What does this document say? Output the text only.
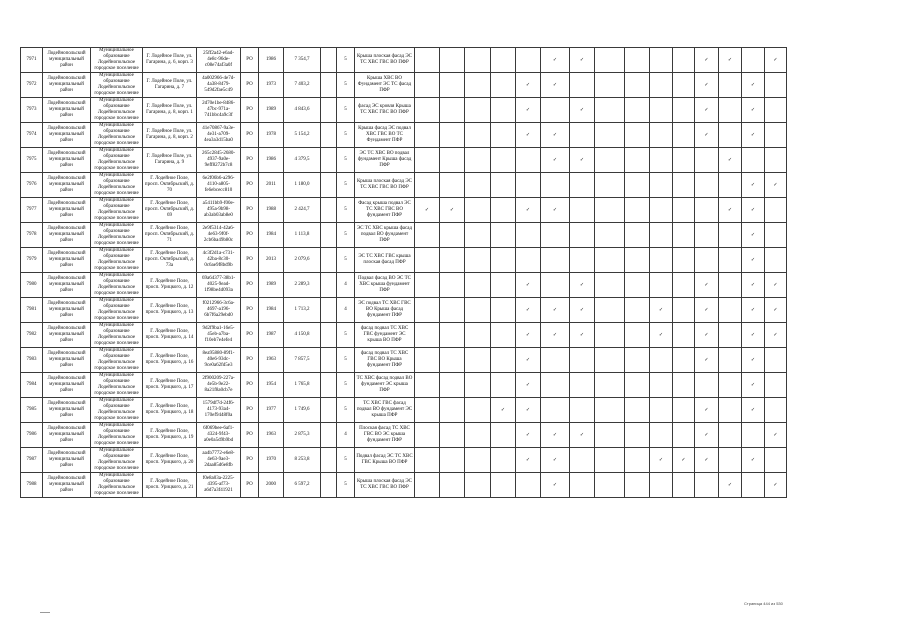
7971	Лодейнопольский муниципальный район	Муниципальное образование Лодейнопольское городское поселение	Г. Лодейное Поле, ул. Гагарина, д. 6, корп. 3	25ff2a42-e6ad-4e8c-96de-c08e74af3a0f	РО	1986	7 354,7		5	Крыша плоская фасад ЭС ТС ХВС ГВС ВО ПФР						✓	✓					✓	✓		✓
7972	Лодейнопольский муниципальный район	Муниципальное образование Лодейнопольское городское поселение	Г. Лодейное Поле, ул. Гагарина, д. 7	4a002966-4e7d-4a38-8479-549d2fae5c49	РО	1973	7 403,2		5	Крыша ХВС ВО Фундамент ЭС ТС фасад ПФР					✓	✓						✓		✓	
7973	Лодейнопольский муниципальный район	Муниципальное образование Лодейнопольское городское поселение	Г. Лодейное Поле, ул. Гагарина, д. 8, корп. 1	2d70e1be-8486-47bc-971a-741bbc4a9c3f	РО	1989	4 843,6		5	фасад ЭС кровля Крыша ТС ХВС ГВС ВО ПФР					✓		✓					✓		✓	
7974	Лодейнопольский муниципальный район	Муниципальное образование Лодейнопольское городское поселение	Г. Лодейное Поле, ул. Гагарина, д. 8, корп. 2	41e70867-9a3e-4e31-a709-4ea3a3d15ba0	РО	1978	5 154,2		5	Крыша фасад ЭС подвал ХВС ГВС ВО ТС Фундамент ПФР					✓	✓						✓		✓	
7975	Лодейнопольский муниципальный район	Муниципальное образование Лодейнопольское городское поселение	Г. Лодейное Поле, ул. Гагарина, д. 9	265c2845-2680-4937-9a0e-9eff8272b7c8	РО	1986	4 379,5		5	ЭС ТС ХВС ВО подвал фундамент Крыша фасад ПФР						✓	✓						✓		
7976	Лодейнопольский муниципальный район	Муниципальное образование Лодейнопольское городское поселение	Г. Лодейное Поле, просп. Октябрьский, д. 70	6e2f06b6-a296-4110-a805-fe6ebcecc810	РО	2011	1 180,0		5	Крыша плоская фасад ЭС ТС ХВС ГВС ВО ПФР														✓	✓
7977	Лодейнопольский муниципальный район	Муниципальное образование Лодейнопольское городское поселение	Г. Лодейное Поле, просп. Октябрьский, д. 69	a5411bb9-f00e-495a-9b98-ab3ab03ab8e0	РО	1988	2 424,7		5	Фасад крыша подвал ЭС ТС ХВС ГВС ВО фундамент ПФР	✓	✓			✓	✓							✓	✓	
7978	Лодейнопольский муниципальный район	Муниципальное образование Лодейнопольское городское поселение	Г. Лодейное Поле, просп. Октябрьский, д. 71	2e9f5314-42a6-4e63-9f0f-2cb6ba49b80c	РО	1984	1 113,8		5	ЭС ТС ХВС крыша фасад подвал ВО фундамент ПФР														✓	
7979	Лодейнопольский муниципальный район	Муниципальное образование Лодейнопольское городское поселение	Г. Лодейное Поле, просп. Октябрьский, д. 73а	4c3f2d1a-c731-42ba-8c30-0c6ae9f8bd9b	РО	2013	2 079,6		5	ЭС ТС ХВС ГВС крыша плоская фасад ПФР														✓	
7980	Лодейнопольский муниципальный район	Муниципальное образование Лодейнопольское городское поселение	Г. Лодейное Поле, просп. Урицкого, д. 12	69a64377-38b1-4025-9ead-1f98be4d093a	РО	1989	2 289,3		4	Подвал фасад ВО ЭС ТС ХВС крыша фундамент ПФР					✓		✓					✓		✓	✓
7981	Лодейнопольский муниципальный район	Муниципальное образование Лодейнопольское городское поселение	Г. Лодейное Поле, просп. Урицкого, д. 13	f0212966-3c6a-4697-a196-6b7f6a29ebd0	РО	1984	1 713,2		4	ЭС подвал ТС ХВС ГВС ВО Крыша фасад фундамент ПФР					✓	✓	✓			✓		✓		✓	✓
7982	Лодейнопольский муниципальный район	Муниципальное образование Лодейнопольское городское поселение	Г. Лодейное Поле, просп. Урицкого, д. 14	9d2f9ba1-16e5-45eb-a7ba-f10eb7e4efe4	РО	1987	4 150,8		5	фасад подвал ТС ХВС ГВС фундамент ЭС крыша ВО ПФР					✓	✓	✓			✓		✓		✓	✓
7983	Лодейнопольский муниципальный район	Муниципальное образование Лодейнопольское городское поселение	Г. Лодейное Поле, просп. Урицкого, д. 16	8ea95880-89f1-40e6-93dc-9ce0a62fd5e3	РО	1963	7 857,5		5	фасад подвал ТС ХВС ГВС ВО Крыша фундамент ПФР					✓							✓		✓	
7984	Лодейнопольский муниципальный район	Муниципальное образование Лодейнопольское городское поселение	Г. Лодейное Поле, просп. Урицкого, д. 17	2f900209-227a-4e5b-9e22-8a21f8a0cb7e	РО	1954	1 765,8		5	ТС ХВС фасад подвал ВО фундамент ЭС крыша ПФР					✓									✓	
7985	Лодейнопольский муниципальный район	Муниципальное образование Лодейнопольское городское поселение	Г. Лодейное Поле, просп. Урицкого, д. 18	1579df7d-24f6-4173-93a4-170ef9448f0a	РО	1977	1 749,6		5	ТС ХВС ГВС фасад подвал ВО фундамент ЭС крыша ПФР				✓	✓							✓		✓	
7986	Лодейнопольский муниципальный район	Муниципальное образование Лодейнопольское городское поселение	Г. Лодейное Поле, просп. Урицкого, д. 19	6f069bee-6af1-4324-9f43-a0e0a5d9b9bd	РО	1963	2 875,3		4	Плоская фасад ТС ХВС ГВС ВО ЭС крыша фундамент ПФР					✓	✓	✓					✓			✓
7987	Лодейнопольский муниципальный район	Муниципальное образование Лодейнопольское городское поселение	Г. Лодейное Поле, просп. Урицкого, д. 20	aa4b7772-e6e8-4e63-9ae3-2daa85d6e8fb	РО	1970	8 253,8		5	Подвал фасад ЭС ТС ХВС ГВС Крыша ВО ПФР					✓	✓				✓	✓	✓		✓	
7988	Лодейнопольский муниципальный район	Муниципальное образование Лодейнопольское городское поселение	Г. Лодейное Поле, просп. Урицкого, д. 21	f0e8a03a-2225-4395-af73-a6d7a3f41921	РО	2000	6 597,2		5	Крыша плоская фасад ЭС ТС ХВС ГВС ВО ПФР						✓							✓		✓
Страница 444 из 530
